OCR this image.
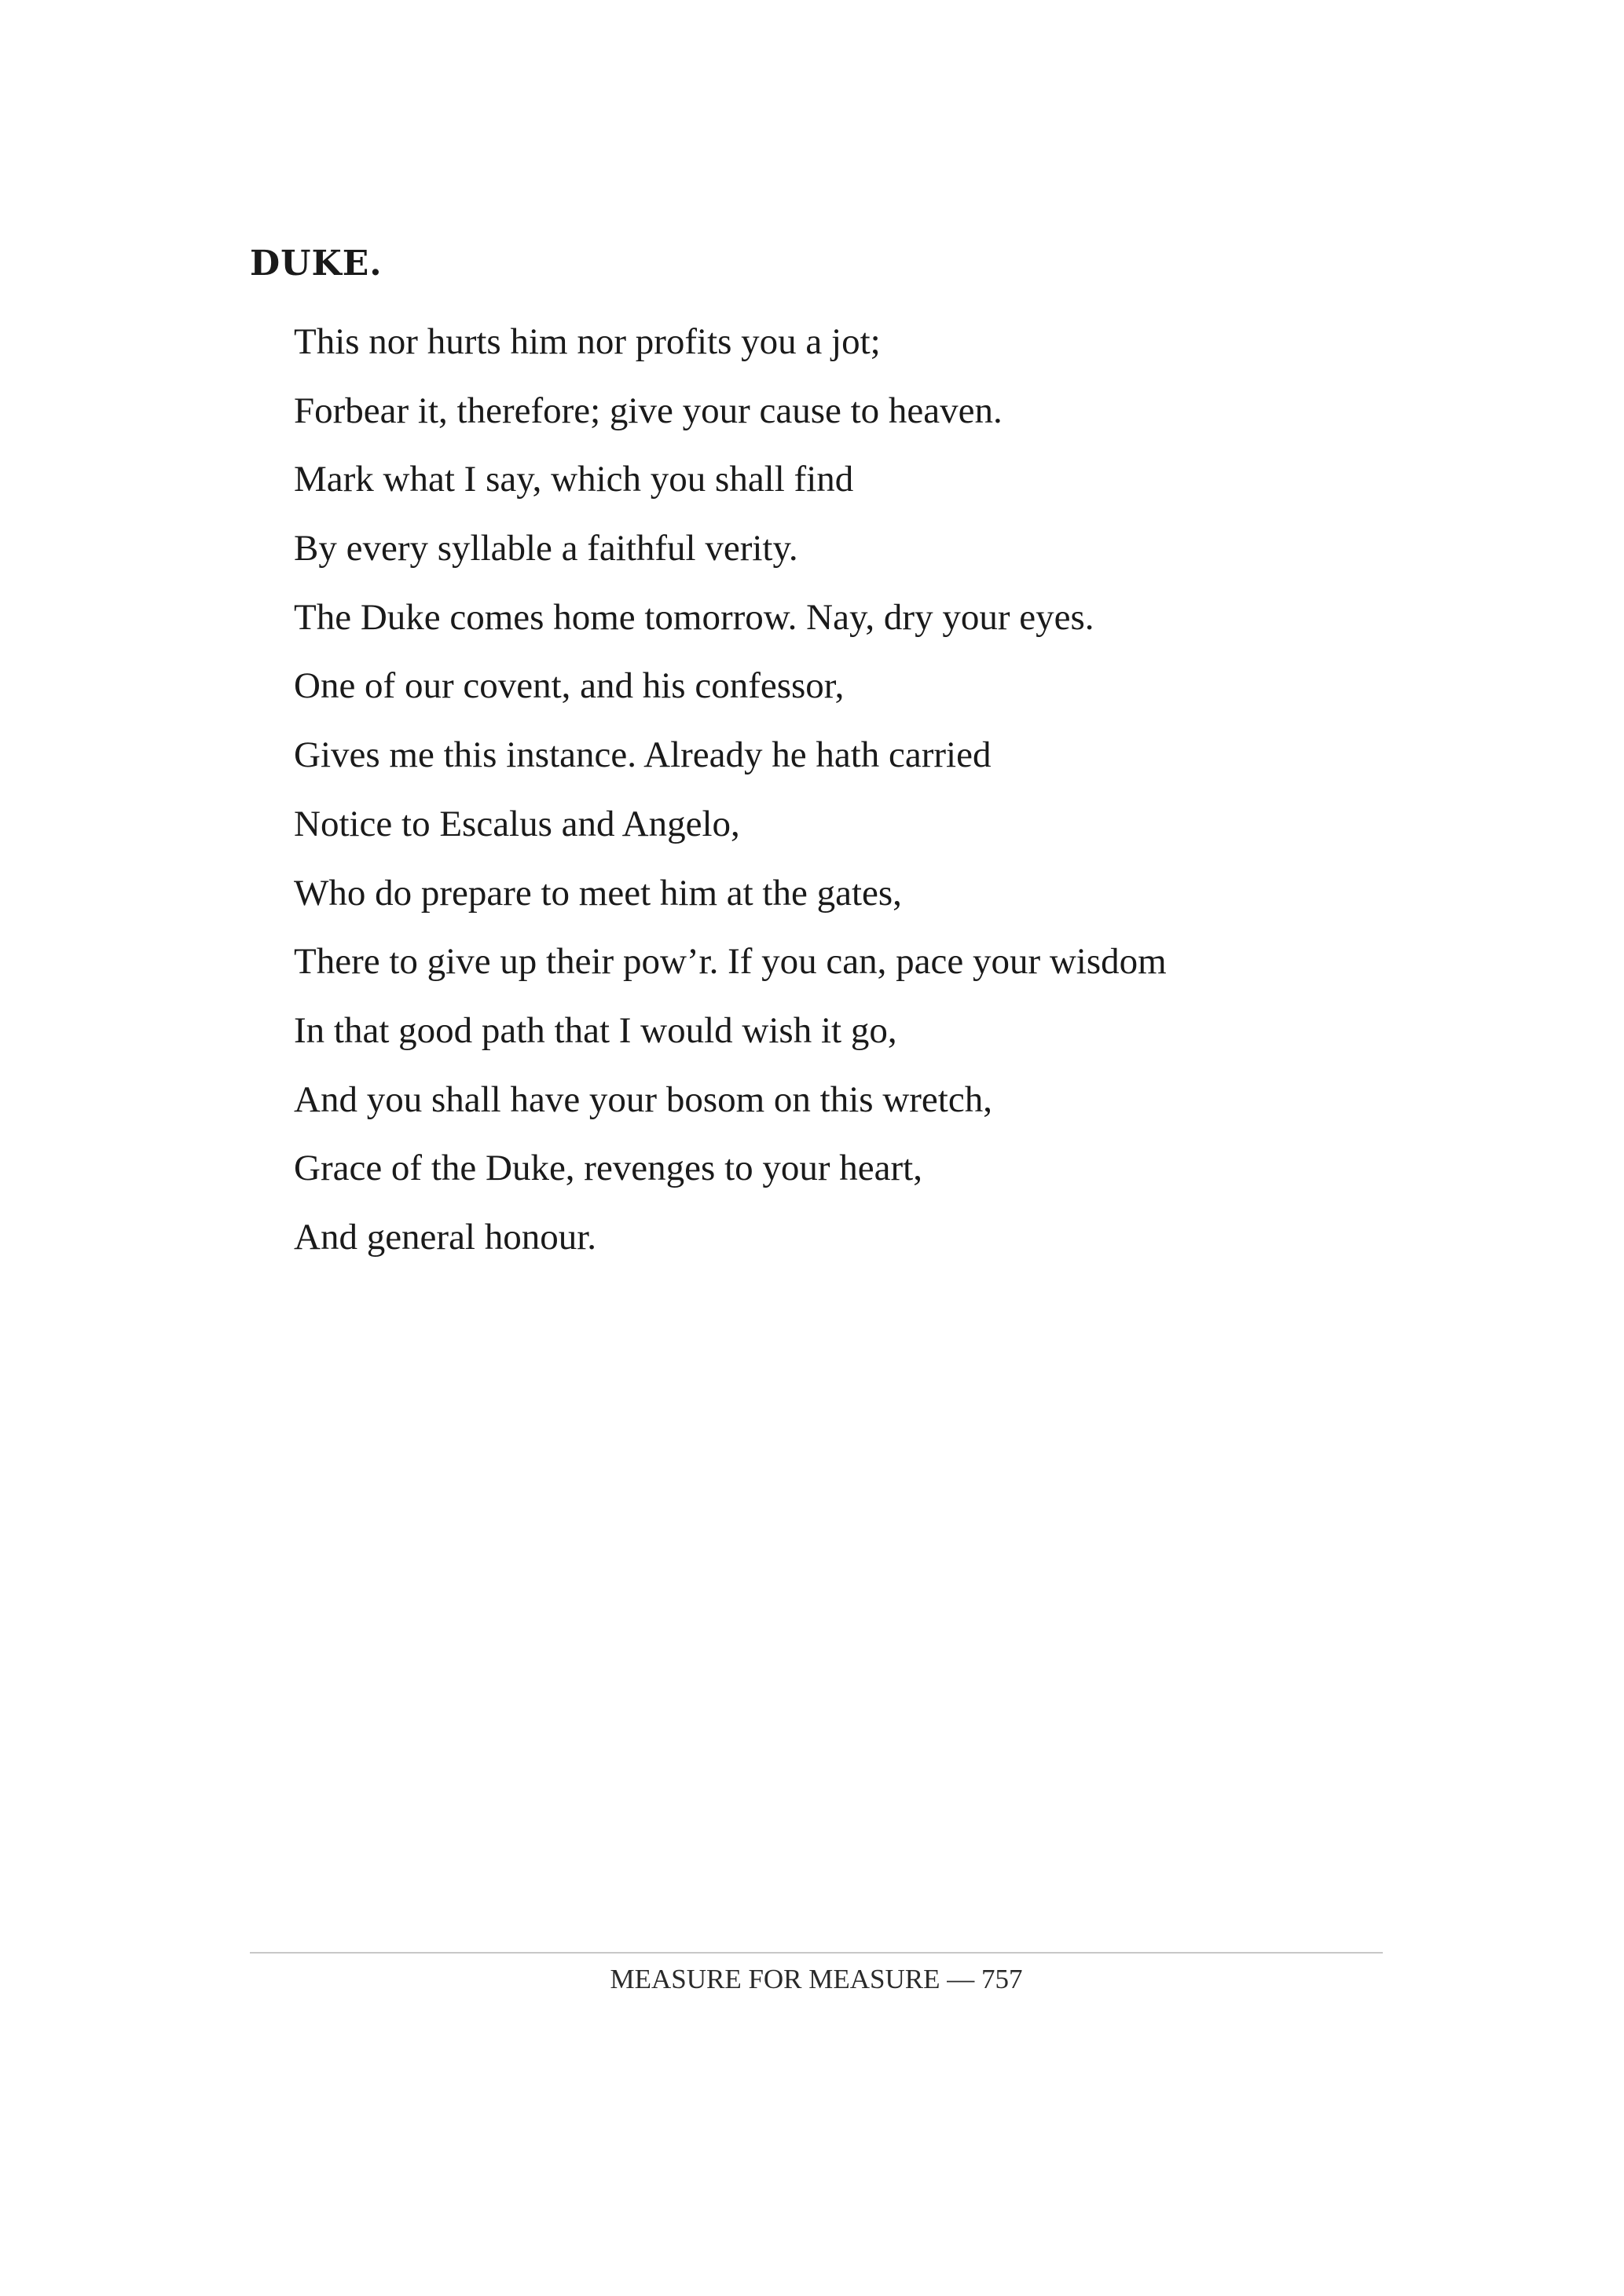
DUKE.
This nor hurts him nor profits you a jot;
Forbear it, therefore; give your cause to heaven.
Mark what I say, which you shall find
By every syllable a faithful verity.
The Duke comes home tomorrow. Nay, dry your eyes.
One of our covent, and his confessor,
Gives me this instance. Already he hath carried
Notice to Escalus and Angelo,
Who do prepare to meet him at the gates,
There to give up their pow’r. If you can, pace your wisdom
In that good path that I would wish it go,
And you shall have your bosom on this wretch,
Grace of the Duke, revenges to your heart,
And general honour.
MEASURE FOR MEASURE — 757
